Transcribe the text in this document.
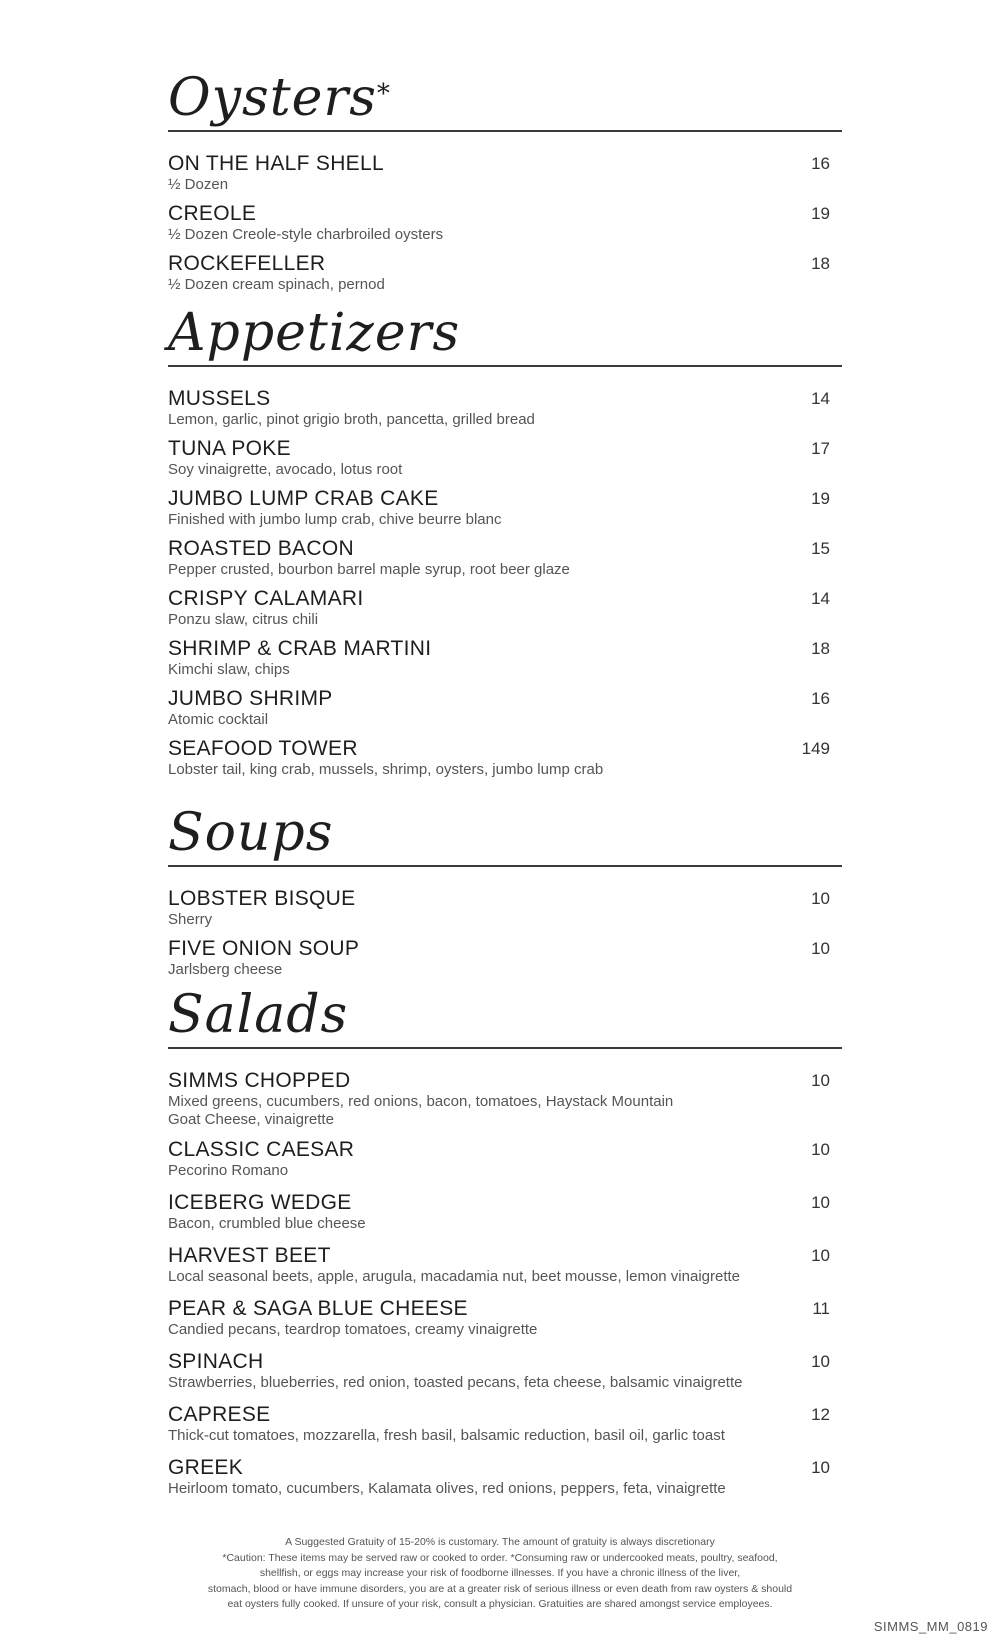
Oysters*
ON THE HALF SHELL
½ Dozen
16
CREOLE
½ Dozen Creole-style charbroiled oysters
19
ROCKEFELLER
½ Dozen cream spinach, pernod
18
Appetizers
MUSSELS
Lemon, garlic, pinot grigio broth, pancetta, grilled bread
14
TUNA POKE
Soy vinaigrette, avocado, lotus root
17
JUMBO LUMP CRAB CAKE
Finished with jumbo lump crab, chive beurre blanc
19
ROASTED BACON
Pepper crusted, bourbon barrel maple syrup, root beer glaze
15
CRISPY CALAMARI
Ponzu slaw, citrus chili
14
SHRIMP & CRAB MARTINI
Kimchi slaw, chips
18
JUMBO SHRIMP
Atomic cocktail
16
SEAFOOD TOWER
Lobster tail, king crab, mussels, shrimp, oysters, jumbo lump crab
149
Soups
LOBSTER BISQUE
Sherry
10
FIVE ONION SOUP
Jarlsberg cheese
10
Salads
SIMMS CHOPPED
Mixed greens, cucumbers, red onions, bacon, tomatoes, Haystack Mountain Goat Cheese, vinaigrette
10
CLASSIC CAESAR
Pecorino Romano
10
ICEBERG WEDGE
Bacon, crumbled blue cheese
10
HARVEST BEET
Local seasonal beets, apple, arugula, macadamia nut, beet mousse, lemon vinaigrette
10
PEAR & SAGA BLUE CHEESE
Candied pecans, teardrop tomatoes, creamy vinaigrette
11
SPINACH
Strawberries, blueberries, red onion, toasted pecans, feta cheese, balsamic vinaigrette
10
CAPRESE
Thick-cut tomatoes, mozzarella, fresh basil, balsamic reduction, basil oil, garlic toast
12
GREEK
Heirloom tomato, cucumbers, Kalamata olives, red onions, peppers, feta, vinaigrette
10
A Suggested Gratuity of 15-20% is customary. The amount of gratuity is always discretionary
*Caution: These items may be served raw or cooked to order. *Consuming raw or undercooked meats, poultry, seafood,
shellfish, or eggs may increase your risk of foodborne illnesses. If you have a chronic illness of the liver,
stomach, blood or have immune disorders, you are at a greater risk of serious illness or even death from raw oysters & should
eat oysters fully cooked. If unsure of your risk, consult a physician. Gratuities are shared amongst service employees.
SIMMS_MM_0819
